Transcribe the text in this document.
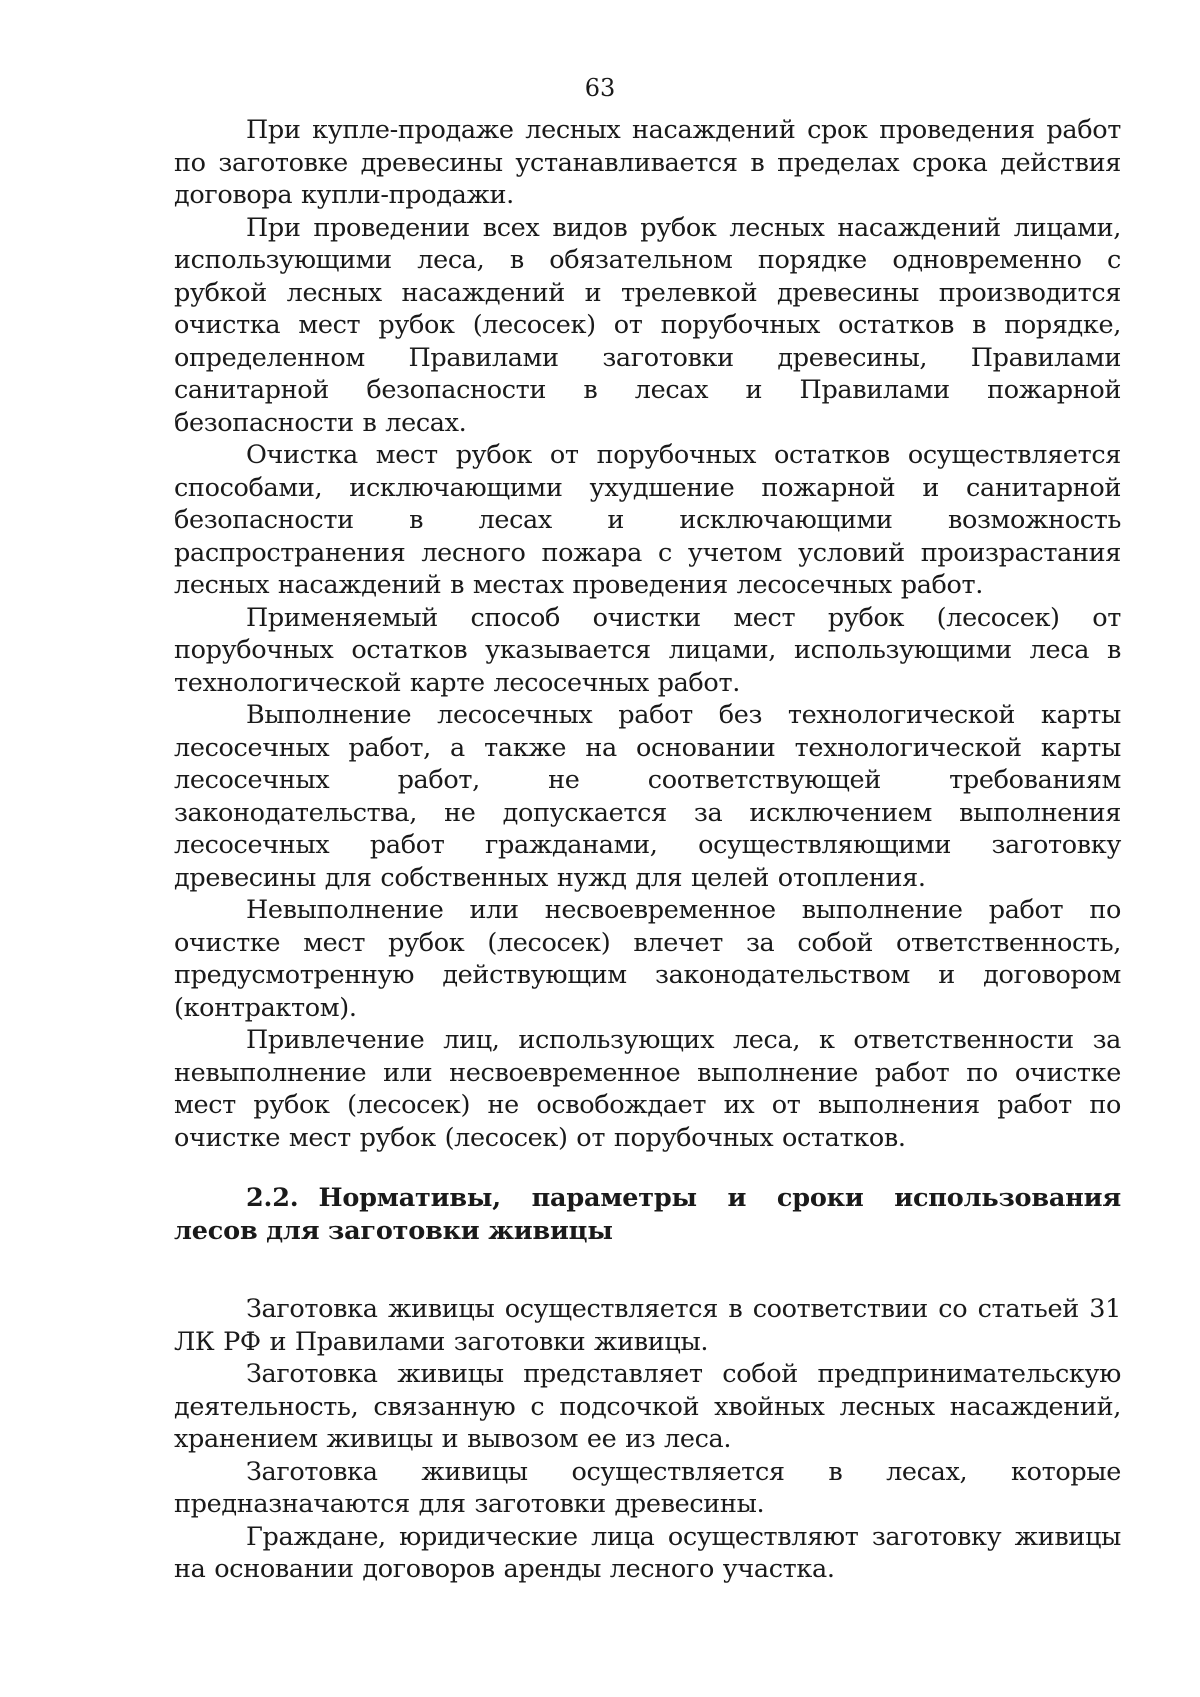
63

При купле-продаже лесных насаждений срок проведения работ по заготовке древесины устанавливается в пределах срока действия договора купли-продажи.

При проведении всех видов рубок лесных насаждений лицами, использующими леса, в обязательном порядке одновременно с рубкой лесных насаждений и трелевкой древесины производится очистка мест рубок (лесосек) от порубочных остатков в порядке, определенном Правилами заготовки древесины, Правилами санитарной безопасности в лесах и Правилами пожарной безопасности в лесах.

Очистка мест рубок от порубочных остатков осуществляется способами, исключающими ухудшение пожарной и санитарной безопасности в лесах и исключающими возможность распространения лесного пожара с учетом условий произрастания лесных насаждений в местах проведения лесосечных работ.

Применяемый способ очистки мест рубок (лесосек) от порубочных остатков указывается лицами, использующими леса в технологической карте лесосечных работ.

Выполнение лесосечных работ без технологической карты лесосечных работ, а также на основании технологической карты лесосечных работ, не соответствующей требованиям законодательства, не допускается за исключением выполнения лесосечных работ гражданами, осуществляющими заготовку древесины для собственных нужд для целей отопления.

Невыполнение или несвоевременное выполнение работ по очистке мест рубок (лесосек) влечет за собой ответственность, предусмотренную действующим законодательством и договором (контрактом).

Привлечение лиц, использующих леса, к ответственности за невыполнение или несвоевременное выполнение работ по очистке мест рубок (лесосек) не освобождает их от выполнения работ по очистке мест рубок (лесосек) от порубочных остатков.

2.2. Нормативы, параметры и сроки использования лесов для заготовки живицы

Заготовка живицы осуществляется в соответствии со статьей 31 ЛК РФ и Правилами заготовки живицы.

Заготовка живицы представляет собой предпринимательскую деятельность, связанную с подсочкой хвойных лесных насаждений, хранением живицы и вывозом ее из леса.

Заготовка живицы осуществляется в лесах, которые предназначаются для заготовки древесины.

Граждане, юридические лица осуществляют заготовку живицы на основании договоров аренды лесного участка.
